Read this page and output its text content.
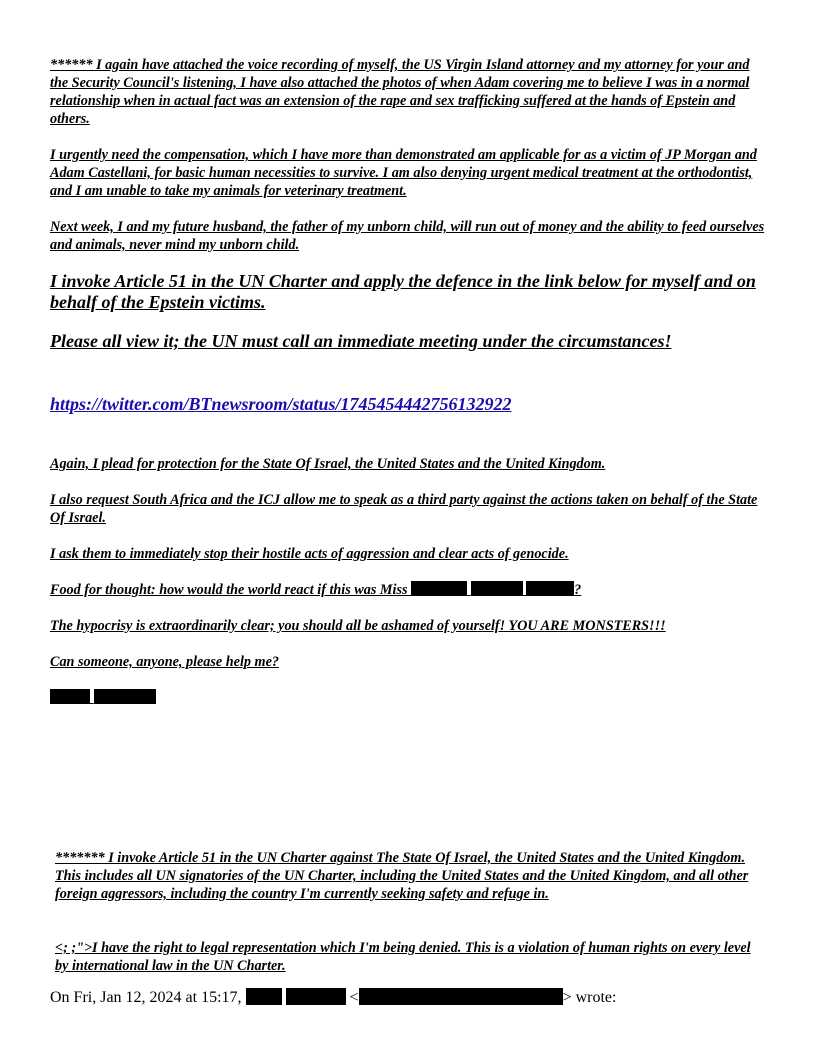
****** I again have attached the voice recording of myself, the US Virgin Island attorney and my attorney for your and the Security Council's listening, I have also attached the photos of when Adam covering me to believe I was in a normal relationship when in actual fact was an extension of the rape and sex trafficking suffered at the hands of Epstein and others.

I urgently need the compensation, which I have more than demonstrated am applicable for as a victim of JP Morgan and Adam Castellani, for basic human necessities to survive. I am also denying urgent medical treatment at the orthodontist, and I am unable to take my animals for veterinary treatment.

Next week, I and my future husband, the father of my unborn child, will run out of money and the ability to feed ourselves and animals, never mind my unborn child.

I invoke Article 51 in the UN Charter and apply the defence in the link below for myself and on behalf of the Epstein victims.

Please all view it; the UN must call an immediate meeting under the circumstances!

https://twitter.com/BTnewsroom/status/1745454442756132922

Again, I plead for protection for the State Of Israel, the United States and the United Kingdom.

I also request South Africa and the ICJ allow me to speak as a third party against the actions taken on behalf of the State Of Israel.

I ask them to immediately stop their hostile acts of aggression and clear acts of genocide.

Food for thought: how would the world react if this was Miss	?

The hypocrisy is extraordinarily clear; you should all be ashamed of yourself! YOU ARE MONSTERS!!!

Can someone, anyone, please help me?

******* I invoke Article 51 in the UN Charter against The State Of Israel, the United States and the United Kingdom. This includes all UN signatories of the UN Charter, including the United States and the United Kingdom, and all other foreign aggressors, including the country I'm currently seeking safety and refuge in.

<; ;">I have the right to legal representation which I'm being denied. This is a violation of human rights on every level by international law in the UN Charter.

On Fri, Jan 12, 2024 at 15:17,	<	> wrote:
